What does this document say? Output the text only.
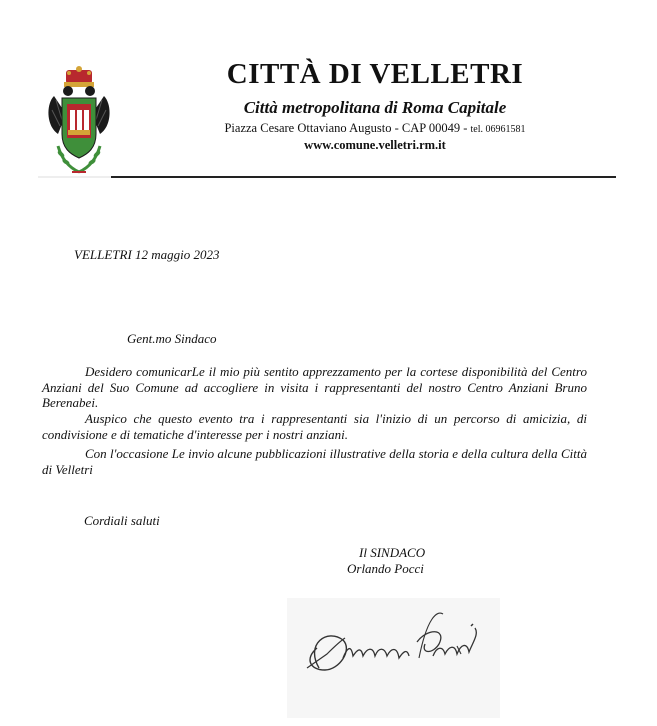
CITTÀ DI VELLETRI
Città metropolitana di Roma Capitale
Piazza Cesare Ottaviano Augusto - CAP 00049 - tel. 06961581
www.comune.velletri.rm.it
VELLETRI 12 maggio 2023
Gent.mo Sindaco
Desidero comunicarLe il mio più sentito apprezzamento per la cortese disponibilità del Centro Anziani del Suo Comune ad accogliere in visita i rappresentanti del nostro Centro Anziani Bruno Berenabei.
Auspico che questo evento tra i rappresentanti sia l'inizio di un percorso di amicizia, di condivisione e di tematiche d'interesse per i nostri anziani.
Con l'occasione Le invio alcune pubblicazioni illustrative della storia e della cultura della Città di Velletri
Cordiali saluti
Il SINDACO
Orlando Pocci
